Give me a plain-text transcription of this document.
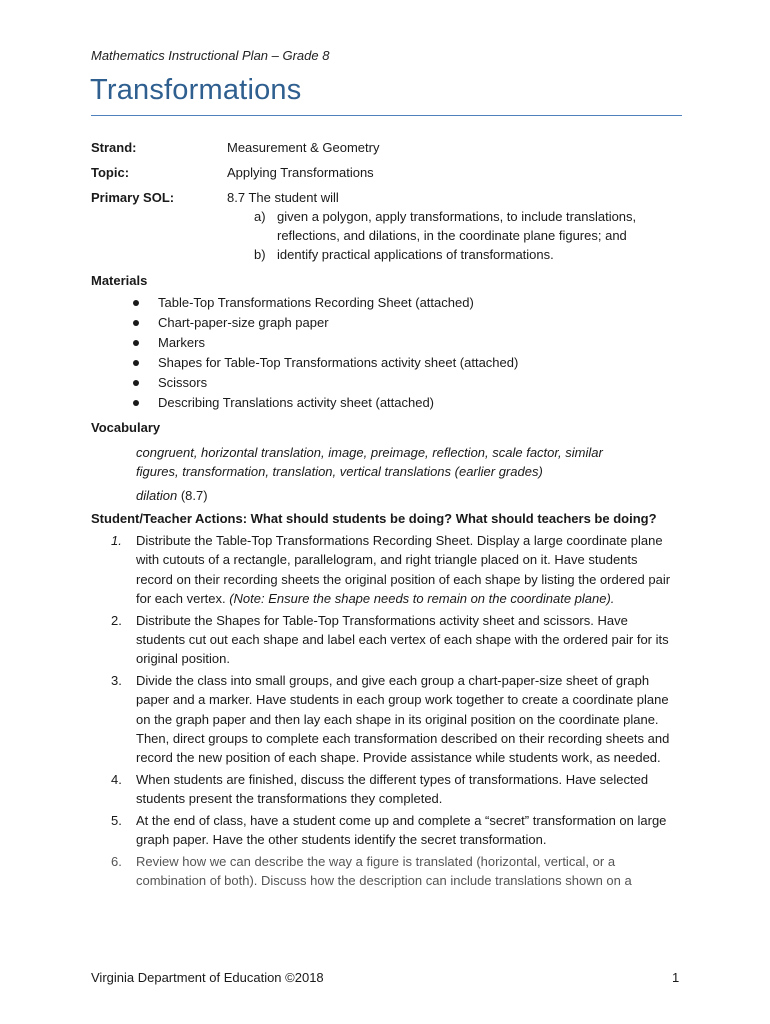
Mathematics Instructional Plan – Grade 8
Transformations
Strand:	Measurement & Geometry
Topic:	Applying Transformations
Primary SOL:	8.7 The student will
a) given a polygon, apply transformations, to include translations,
reflections, and dilations, in the coordinate plane figures; and
b) identify practical applications of transformations.
Materials
Table-Top Transformations Recording Sheet (attached)
Chart-paper-size graph paper
Markers
Shapes for Table-Top Transformations activity sheet (attached)
Scissors
Describing Translations activity sheet (attached)
Vocabulary
congruent, horizontal translation, image, preimage, reflection, scale factor, similar
figures, transformation, translation, vertical translations (earlier grades)
dilation (8.7)
Student/Teacher Actions: What should students be doing? What should teachers be doing?
1. Distribute the Table-Top Transformations Recording Sheet. Display a large coordinate plane with cutouts of a rectangle, parallelogram, and right triangle placed on it. Have students record on their recording sheets the original position of each shape by listing the ordered pair for each vertex. (Note: Ensure the shape needs to remain on the coordinate plane).
2. Distribute the Shapes for Table-Top Transformations activity sheet and scissors. Have students cut out each shape and label each vertex of each shape with the ordered pair for its original position.
3. Divide the class into small groups, and give each group a chart-paper-size sheet of graph paper and a marker. Have students in each group work together to create a coordinate plane on the graph paper and then lay each shape in its original position on the coordinate plane. Then, direct groups to complete each transformation described on their recording sheets and record the new position of each shape. Provide assistance while students work, as needed.
4. When students are finished, discuss the different types of transformations. Have selected students present the transformations they completed.
5. At the end of class, have a student come up and complete a “secret” transformation on large graph paper. Have the other students identify the secret transformation.
6. Review how we can describe the way a figure is translated (horizontal, vertical, or a combination of both). Discuss how the description can include translations shown on a
Virginia Department of Education ©2018	1
